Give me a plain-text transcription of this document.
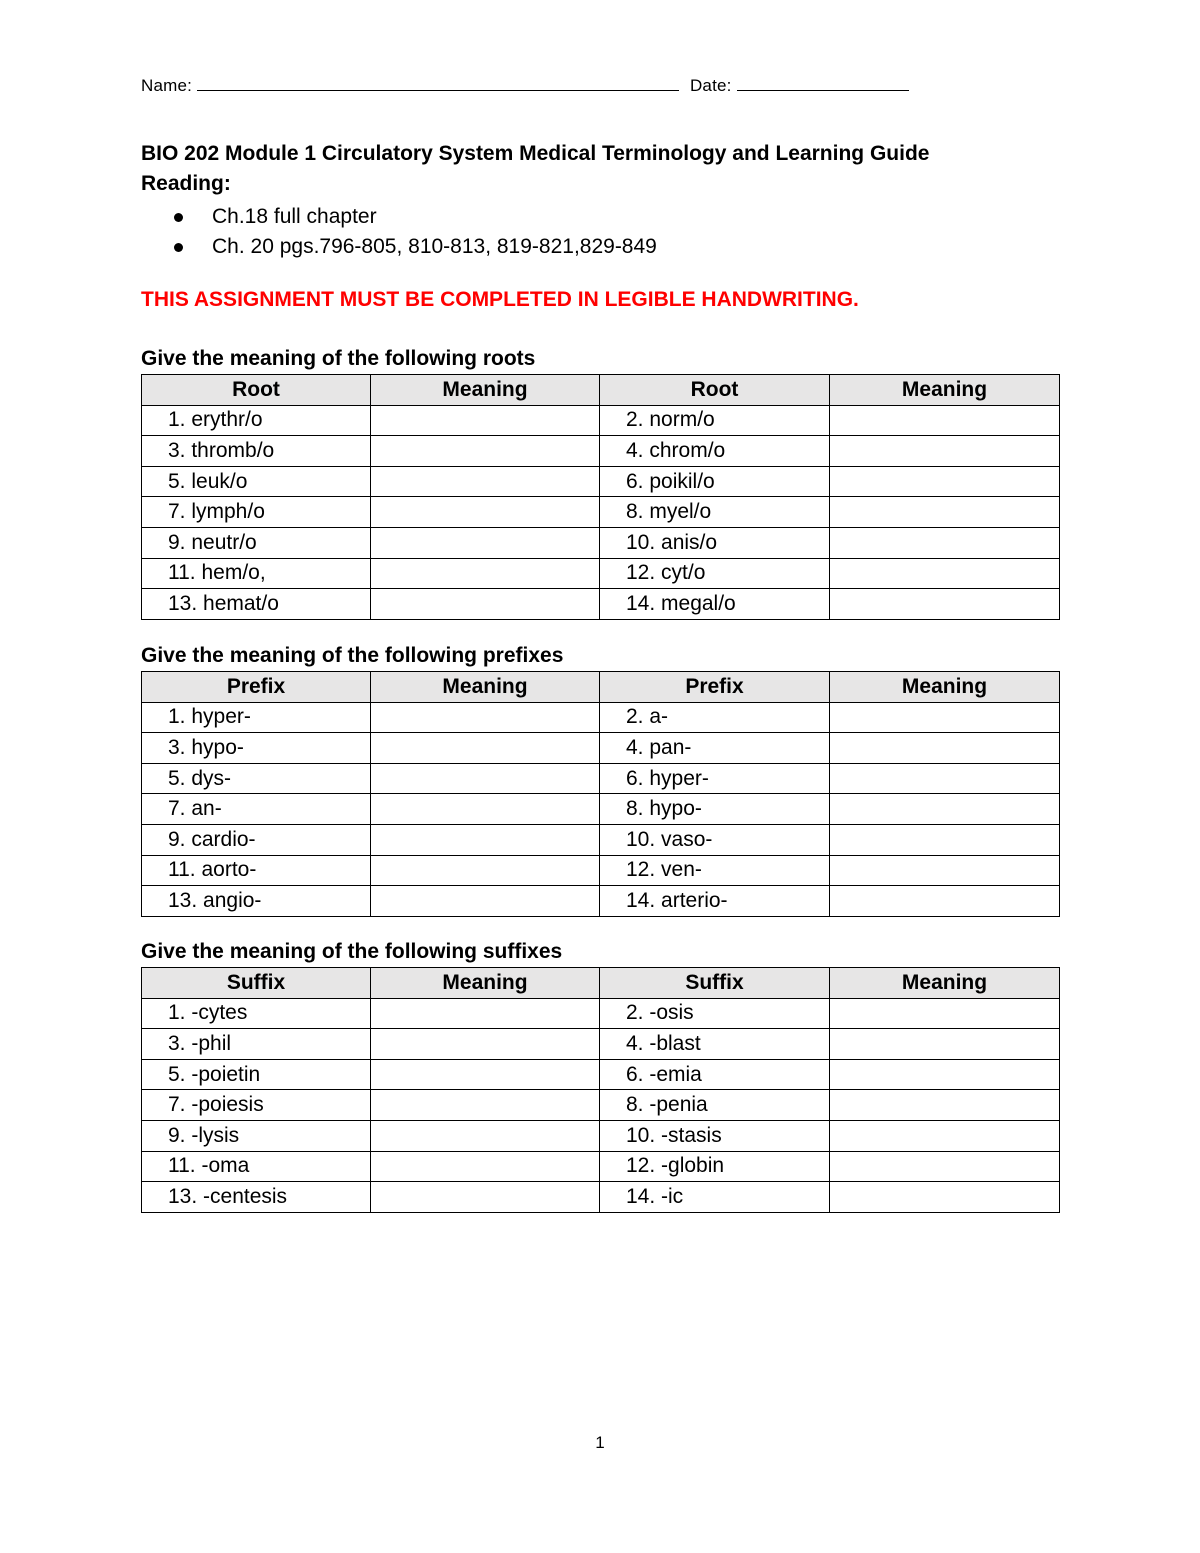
Name:	Date:
BIO 202 Module 1 Circulatory System Medical Terminology and Learning Guide
Reading:
Ch.18 full chapter
Ch. 20 pgs.796-805, 810-813, 819-821,829-849
THIS ASSIGNMENT MUST BE COMPLETED IN LEGIBLE HANDWRITING.
Give the meaning of the following roots
Root	Meaning	Root	Meaning
1. erythr/o		2. norm/o	
3. thromb/o		4. chrom/o	
5. leuk/o		6. poikil/o	
7. lymph/o		8. myel/o	
9. neutr/o		10. anis/o	
11. hem/o,		12. cyt/o	
13. hemat/o		14. megal/o	
Give the meaning of the following prefixes
Prefix	Meaning	Prefix	Meaning
1. hyper-		2. a-	
3. hypo-		4. pan-	
5. dys-		6. hyper-	
7. an-		8. hypo-	
9. cardio-		10. vaso-	
11. aorto-		12. ven-	
13. angio-		14. arterio-	
Give the meaning of the following suffixes
Suffix	Meaning	Suffix	Meaning
1. -cytes		2. -osis	
3. -phil		4. -blast	
5. -poietin		6. -emia	
7. -poiesis		8. -penia	
9. -lysis		10. -stasis	
11. -oma		12. -globin	
13. -centesis		14. -ic	
1
